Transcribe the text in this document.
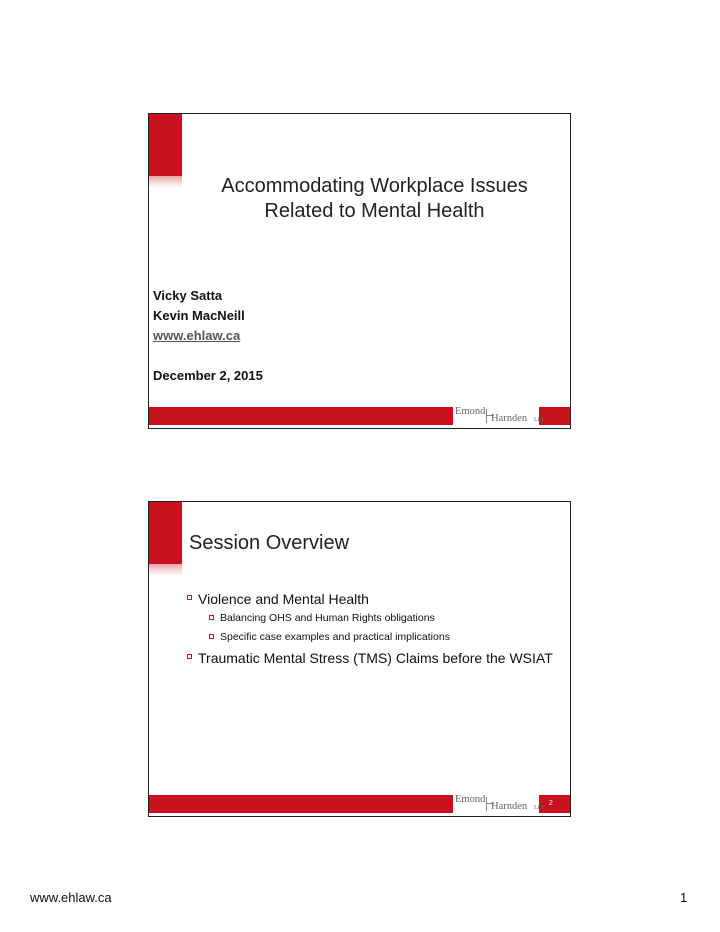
Accommodating Workplace Issues
Related to Mental Health
Vicky Satta
Kevin MacNeill
www.ehlaw.ca
December 2, 2015
Emond
Harnden LLP
Session Overview
Violence and Mental Health
Balancing OHS and Human Rights obligations
Specific case examples and practical implications
Traumatic Mental Stress (TMS) Claims before the WSIAT
Emond
Harnden LLP
2
www.ehlaw.ca	1
